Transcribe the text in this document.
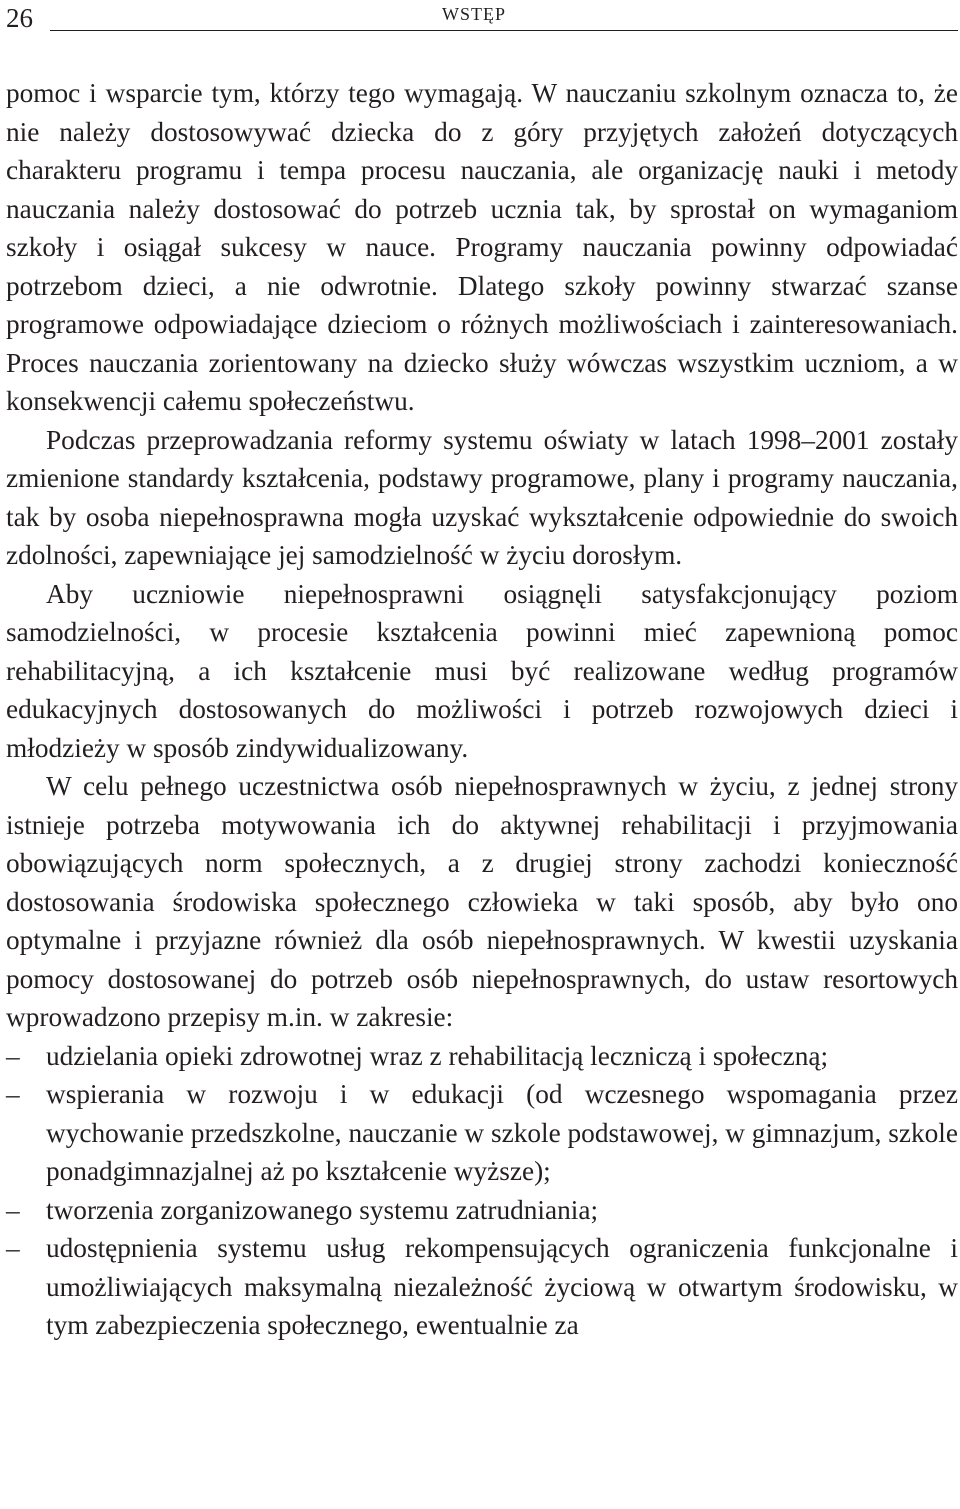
26	WSTĘP

pomoc i wsparcie tym, którzy tego wymagają. W nauczaniu szkolnym oznacza to, że nie należy dostosowywać dziecka do z góry przyjętych założeń dotyczących charakteru programu i tempa procesu nauczania, ale organizację nauki i metody nauczania należy dostosować do potrzeb ucznia tak, by sprostał on wymaganiom szkoły i osiągał sukcesy w nauce. Programy nauczania powinny odpowiadać potrzebom dzieci, a nie odwrotnie. Dlatego szkoły powinny stwarzać szanse programowe odpowiadające dzieciom o różnych możliwościach i zainteresowaniach. Proces nauczania zorientowany na dziecko służy wówczas wszystkim uczniom, a w konsekwencji całemu społeczeństwu.

Podczas przeprowadzania reformy systemu oświaty w latach 1998–2001 zostały zmienione standardy kształcenia, podstawy programowe, plany i programy nauczania, tak by osoba niepełnosprawna mogła uzyskać wykształcenie odpowiednie do swoich zdolności, zapewniające jej samodzielność w życiu dorosłym.

Aby uczniowie niepełnosprawni osiągnęli satysfakcjonujący poziom samodzielności, w procesie kształcenia powinni mieć zapewnioną pomoc rehabilitacyjną, a ich kształcenie musi być realizowane według programów edukacyjnych dostosowanych do możliwości i potrzeb rozwojowych dzieci i młodzieży w sposób zindywidualizowany.

W celu pełnego uczestnictwa osób niepełnosprawnych w życiu, z jednej strony istnieje potrzeba motywowania ich do aktywnej rehabilitacji i przyjmowania obowiązujących norm społecznych, a z drugiej strony zachodzi konieczność dostosowania środowiska społecznego człowieka w taki sposób, aby było ono optymalne i przyjazne również dla osób niepełnosprawnych. W kwestii uzyskania pomocy dostosowanej do potrzeb osób niepełnosprawnych, do ustaw resortowych wprowadzono przepisy m.in. w zakresie:

– udzielania opieki zdrowotnej wraz z rehabilitacją leczniczą i społeczną;
– wspierania w rozwoju i w edukacji (od wczesnego wspomagania przez wychowanie przedszkolne, nauczanie w szkole podstawowej, w gimnazjum, szkole ponadgimnazjalnej aż po kształcenie wyższe);
– tworzenia zorganizowanego systemu zatrudniania;
– udostępnienia systemu usług rekompensujących ograniczenia funkcjonalne i umożliwiających maksymalną niezależność życiową w otwartym środowisku, w tym zabezpieczenia społecznego, ewentualnie za
